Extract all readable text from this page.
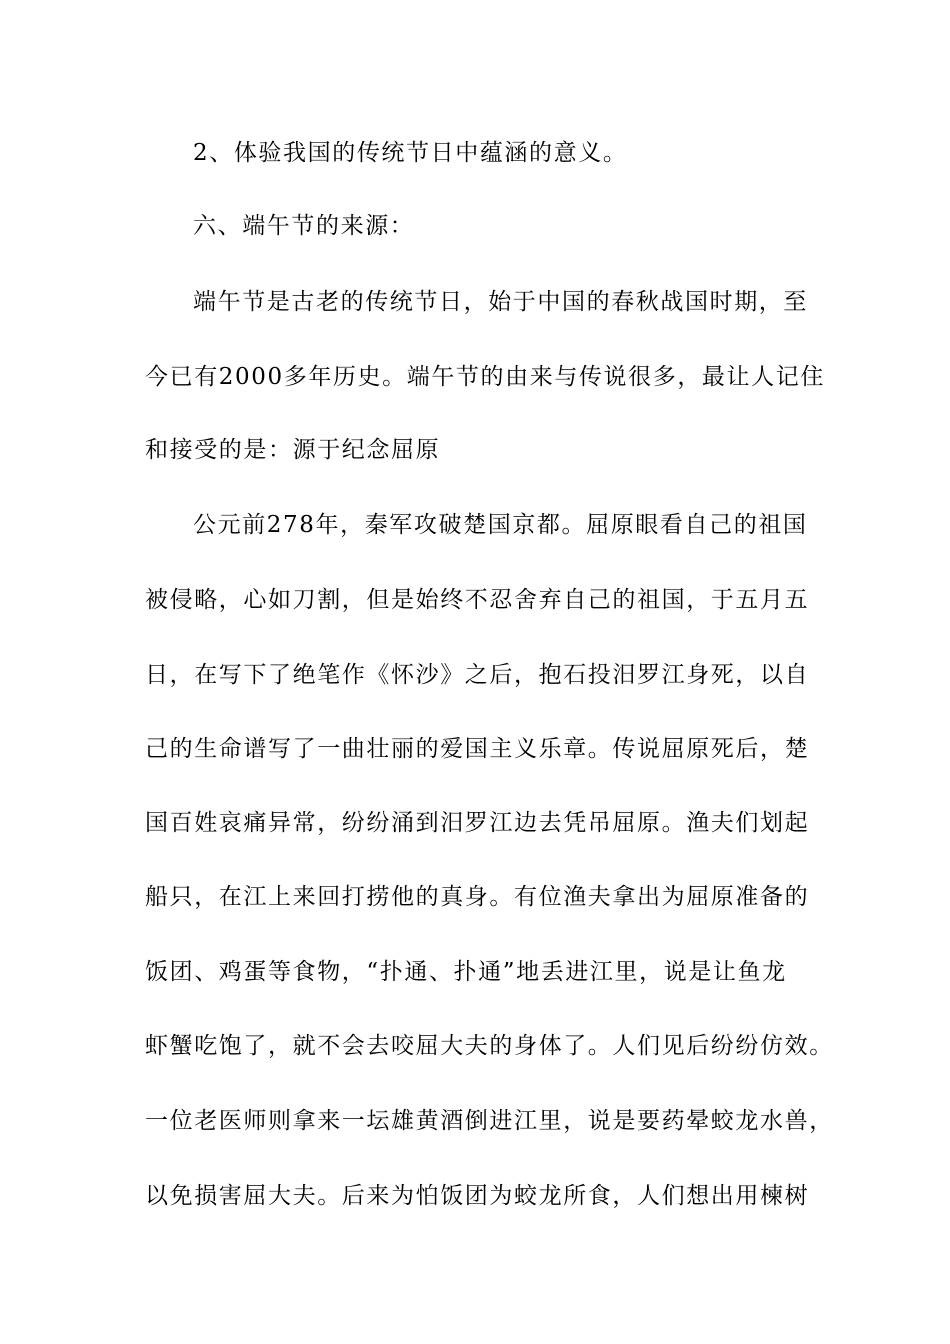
2、体验我国的传统节日中蕴涵的意义。
六、端午节的来源：
端午节是古老的传统节日，始于中国的春秋战国时期，至
今已有2000多年历史。端午节的由来与传说很多，最让人记住
和接受的是：源于纪念屈原
公元前278年，秦军攻破楚国京都。屈原眼看自己的祖国
被侵略，心如刀割，但是始终不忍舍弃自己的祖国，于五月五
日，在写下了绝笔作《怀沙》之后，抱石投汨罗江身死，以自
己的生命谱写了一曲壮丽的爱国主义乐章。传说屈原死后，楚
国百姓哀痛异常，纷纷涌到汨罗江边去凭吊屈原。渔夫们划起
船只，在江上来回打捞他的真身。有位渔夫拿出为屈原准备的
饭团、鸡蛋等食物，“扑通、扑通”地丢进江里，说是让鱼龙
虾蟹吃饱了，就不会去咬屈大夫的身体了。人们见后纷纷仿效。
一位老医师则拿来一坛雄黄酒倒进江里，说是要药晕蛟龙水兽，
以免损害屈大夫。后来为怕饭团为蛟龙所食，人们想出用楝树
